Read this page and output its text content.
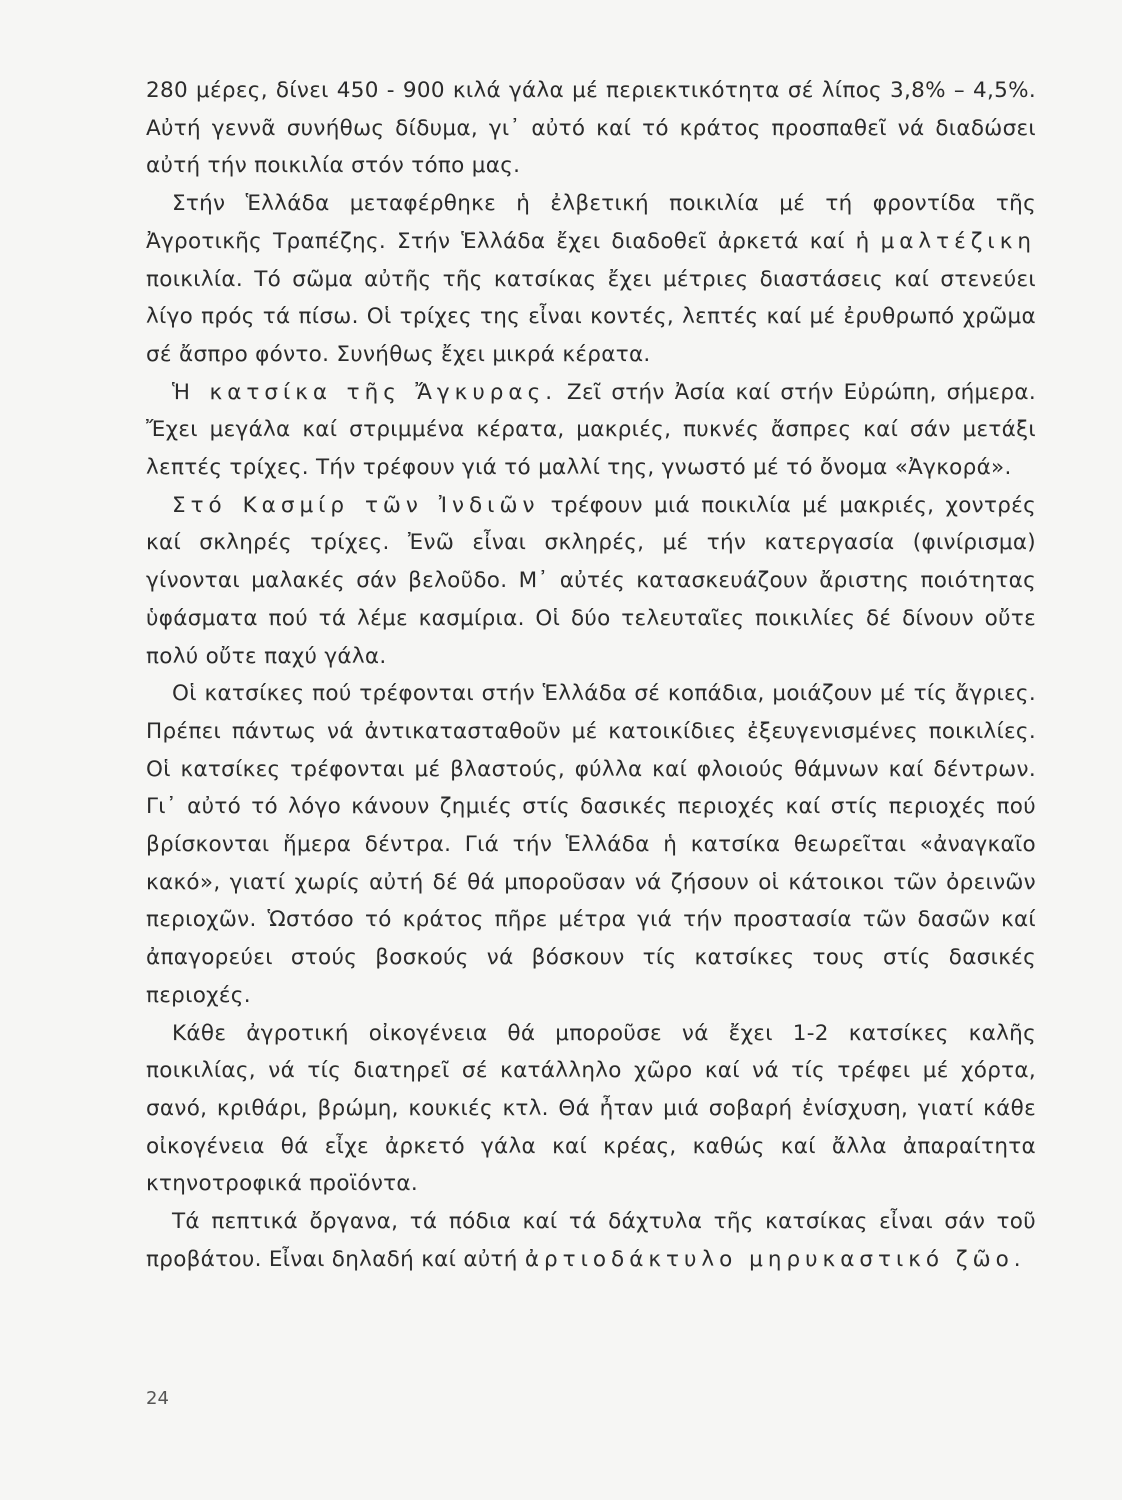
280 μέρες, δίνει 450 - 900 κιλά γάλα μέ περιεκτικότητα σέ λίπος 3,8% – 4,5%. Αὐτή γεννᾶ συνήθως δίδυμα, γι᾽ αὐτό καί τό κράτος προσπαθεῖ νά διαδώσει αὐτή τήν ποικιλία στόν τόπο μας.

Στήν Ἑλλάδα μεταφέρθηκε ἡ ἐλβετική ποικιλία μέ τή φροντίδα τῆς Ἀγροτικῆς Τραπέζης. Στήν Ἑλλάδα ἔχει διαδοθεῖ ἀρκετά καί ἡ μαλτέζικη ποικιλία. Τό σῶμα αὐτῆς τῆς κατσίκας ἔχει μέτριες διαστάσεις καί στενεύει λίγο πρός τά πίσω. Οἱ τρίχες της εἶναι κοντές, λεπτές καί μέ ἐρυθρωπό χρῶμα σέ ἄσπρο φόντο. Συνήθως ἔχει μικρά κέρατα.

Ἡ κατσίκα τῆς Ἄγκυρας. Ζεῖ στήν Ἀσία καί στήν Εὐρώπη, σήμερα. Ἔχει μεγάλα καί στριμμένα κέρατα, μακριές, πυκνές ἄσπρες καί σάν μετάξι λεπτές τρίχες. Τήν τρέφουν γιά τό μαλλί της, γνωστό μέ τό ὄνομα «Ἀγκορά».

Στό Κασμίρ τῶν Ἰνδιῶν τρέφουν μιά ποικιλία μέ μακριές, χοντρές καί σκληρές τρίχες. Ἐνῶ εἶναι σκληρές, μέ τήν κατεργασία (φινίρισμα) γίνονται μαλακές σάν βελοῦδο. Μ᾽ αὐτές κατασκευάζουν ἄριστης ποιότητας ὑφάσματα πού τά λέμε κασμίρια. Οἱ δύο τελευταῖες ποικιλίες δέ δίνουν οὔτε πολύ οὔτε παχύ γάλα.

Οἱ κατσίκες πού τρέφονται στήν Ἑλλάδα σέ κοπάδια, μοιάζουν μέ τίς ἄγριες. Πρέπει πάντως νά ἀντικατασταθοῦν μέ κατοικίδιες ἐξευγενισμένες ποικιλίες. Οἱ κατσίκες τρέφονται μέ βλαστούς, φύλλα καί φλοιούς θάμνων καί δέντρων. Γι᾽ αὐτό τό λόγο κάνουν ζημιές στίς δασικές περιοχές καί στίς περιοχές πού βρίσκονται ἥμερα δέντρα. Γιά τήν Ἑλλάδα ἡ κατσίκα θεωρεῖται «ἀναγκαῖο κακό», γιατί χωρίς αὐτή δέ θά μποροῦσαν νά ζήσουν οἱ κάτοικοι τῶν ὀρεινῶν περιοχῶν. Ὡστόσο τό κράτος πῆρε μέτρα γιά τήν προστασία τῶν δασῶν καί ἀπαγορεύει στούς βοσκούς νά βόσκουν τίς κατσίκες τους στίς δασικές περιοχές.

Κάθε ἀγροτική οἰκογένεια θά μποροῦσε νά ἔχει 1-2 κατσίκες καλῆς ποικιλίας, νά τίς διατηρεῖ σέ κατάλληλο χῶρο καί νά τίς τρέφει μέ χόρτα, σανό, κριθάρι, βρώμη, κουκιές κτλ. Θά ἦταν μιά σοβαρή ἐνίσχυση, γιατί κάθε οἰκογένεια θά εἶχε ἀρκετό γάλα καί κρέας, καθώς καί ἄλλα ἀπαραίτητα κτηνοτροφικά προϊόντα.

Τά πεπτικά ὄργανα, τά πόδια καί τά δάχτυλα τῆς κατσίκας εἶναι σάν τοῦ προβάτου. Εἶναι δηλαδή καί αὐτή ἀρτιοδάκτυλο μηρυκαστικό ζῶο.

24
